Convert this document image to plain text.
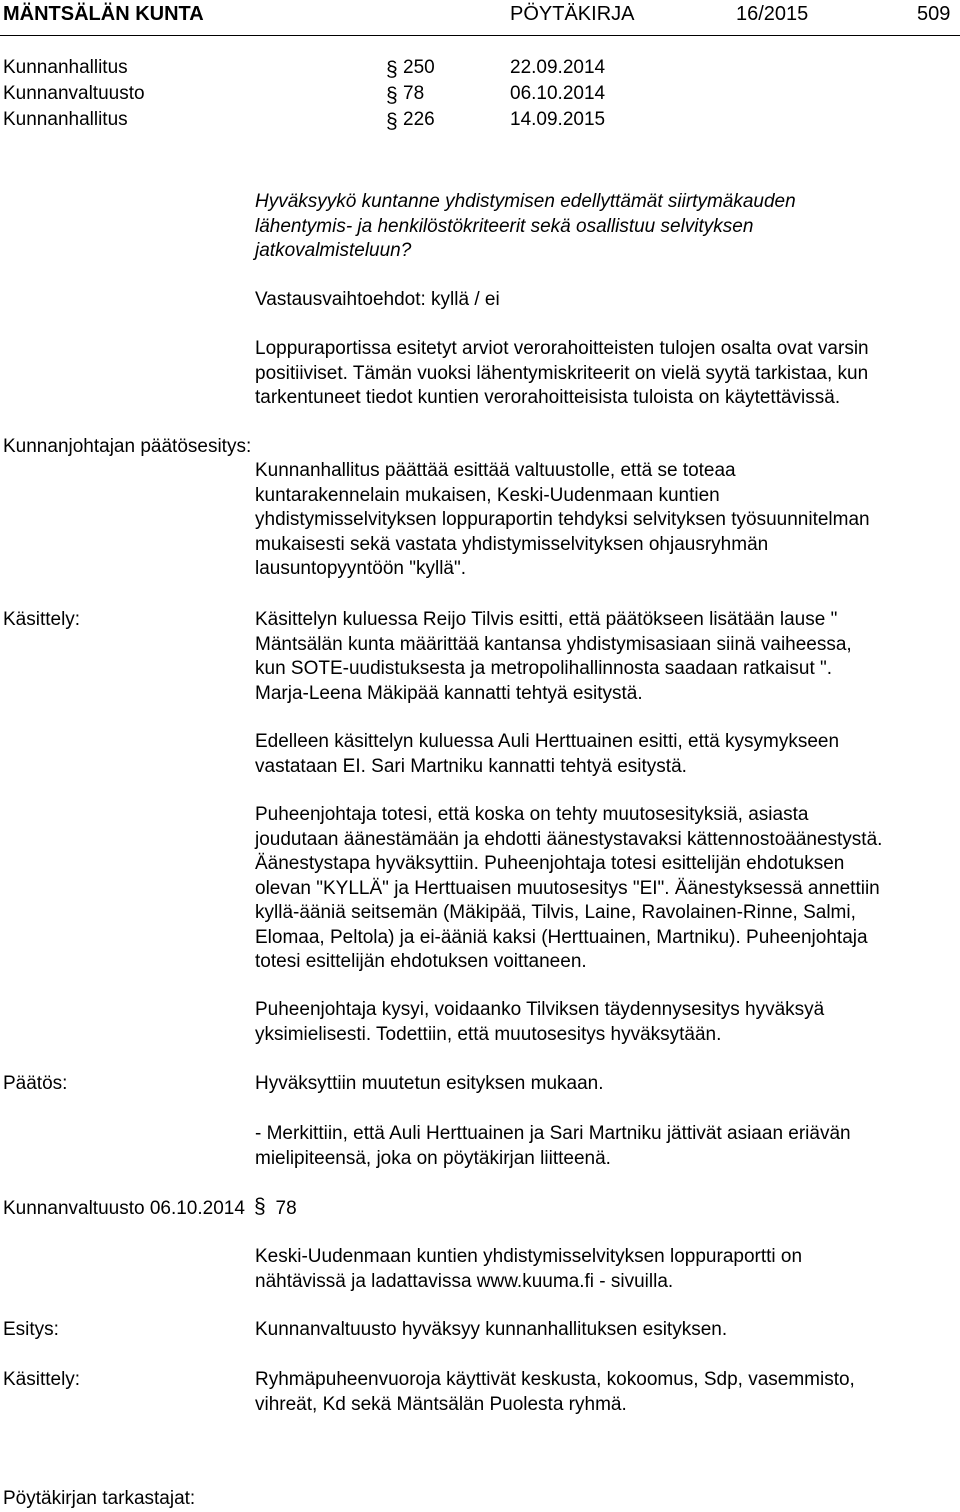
MÄNTSÄLÄN KUNTA	PÖYTÄKIRJA	16/2015	509
Kunnanhallitus	§ 250	22.09.2014
Kunnanvaltuusto	§ 78	06.10.2014
Kunnanhallitus	§ 226	14.09.2015
Hyväksyykö kuntanne yhdistymisen edellyttämät siirtymäkauden
lähentymis- ja henkilöstökriteerit sekä osallistuu selvityksen
jatkovalmisteluun?
Vastausvaihtoehdot: kyllä / ei
Loppuraportissa esitetyt arviot verorahoitteisten tulojen osalta ovat varsin
positiiviset. Tämän vuoksi lähentymiskriteerit on vielä syytä tarkistaa, kun
tarkentuneet tiedot kuntien verorahoitteisista tuloista on käytettävissä.
Kunnanjohtajan päätösesitys:
Kunnanhallitus päättää esittää valtuustolle, että se toteaa
kuntarakennelain mukaisen, Keski-Uudenmaan kuntien
yhdistymisselvityksen loppuraportin tehdyksi selvityksen työsuunnitelman
mukaisesti sekä vastata yhdistymisselvityksen ohjausryhmän
lausuntopyyntöön "kyllä".
Käsittely:	Käsittelyn kuluessa Reijo Tilvis esitti, että päätökseen lisätään lause "
Mäntsälän kunta määrittää kantansa yhdistymisasiaan siinä vaiheessa,
kun SOTE-uudistuksesta ja metropolihallinnosta saadaan ratkaisut ".
Marja-Leena Mäkipää kannatti tehtyä esitystä.
Edelleen käsittelyn kuluessa Auli Herttuainen esitti, että kysymykseen
vastataan EI. Sari Martniku kannatti tehtyä esitystä.
Puheenjohtaja totesi, että koska on tehty muutosesityksiä, asiasta
joudutaan äänestämään ja ehdotti äänestystavaksi kättennostoäänestystä.
Äänestystapa hyväksyttiin. Puheenjohtaja totesi esittelijän ehdotuksen
olevan "KYLLÄ" ja Herttuaisen muutosesitys "EI". Äänestyksessä annettiin
kyllä-ääniä seitsemän (Mäkipää, Tilvis, Laine, Ravolainen-Rinne, Salmi,
Elomaa, Peltola) ja ei-ääniä kaksi (Herttuainen, Martniku). Puheenjohtaja
totesi esittelijän ehdotuksen voittaneen.
Puheenjohtaja kysyi, voidaanko Tilviksen täydennysesitys hyväksyä
yksimielisesti. Todettiin, että muutosesitys hyväksytään.
Päätös:	Hyväksyttiin muutetun esityksen mukaan.
- Merkittiin, että Auli Herttuainen ja Sari Martniku jättivät asiaan eriävän
mielipiteensä, joka on pöytäkirjan liitteenä.
Kunnanvaltuusto 06.10.2014 § 78
Keski-Uudenmaan kuntien yhdistymisselvityksen loppuraportti on
nähtävissä ja ladattavissa www.kuuma.fi - sivuilla.
Esitys:	Kunnanvaltuusto hyväksyy kunnanhallituksen esityksen.
Käsittely:	Ryhmäpuheenvuoroja käyttivät keskusta, kokoomus, Sdp, vasemmisto,
vihreät, Kd sekä Mäntsälän Puolesta ryhmä.
Pöytäkirjan tarkastajat:
